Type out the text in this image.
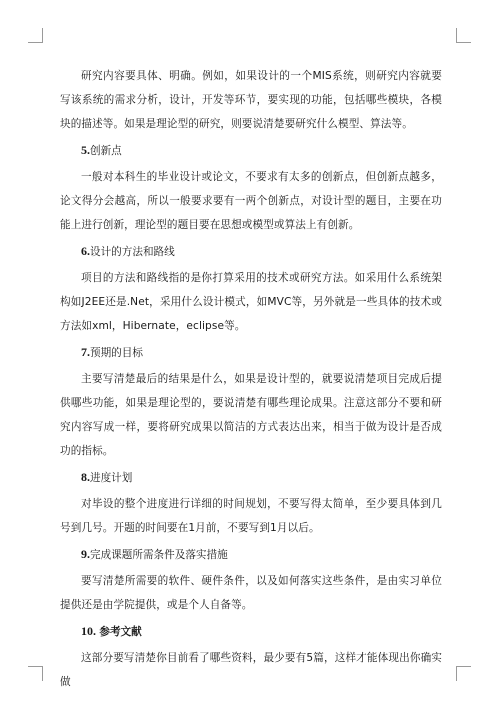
研究内容要具体、明确。例如，如果设计的一个MIS系统，则研究内容就要写该系统的需求分析，设计，开发等环节，要实现的功能，包括哪些模块，各模块的描述等。如果是理论型的研究，则要说清楚要研究什么模型、算法等。

5.创新点

一般对本科生的毕业设计或论文，不要求有太多的创新点，但创新点越多，论文得分会越高，所以一般要求要有一两个创新点，对设计型的题目，主要在功能上进行创新，理论型的题目要在思想或模型或算法上有创新。

6.设计的方法和路线

项目的方法和路线指的是你打算采用的技术或研究方法。如采用什么系统架构如J2EE还是.Net，采用什么设计模式，如MVC等，另外就是一些具体的技术或方法如xml，Hibernate，eclipse等。

7.预期的目标

主要写清楚最后的结果是什么，如果是设计型的，就要说清楚项目完成后提供哪些功能，如果是理论型的，要说清楚有哪些理论成果。注意这部分不要和研究内容写成一样，要将研究成果以简洁的方式表达出来，相当于做为设计是否成功的指标。

8.进度计划

对毕设的整个进度进行详细的时间规划，不要写得太简单，至少要具体到几号到几号。开题的时间要在1月前，不要写到1月以后。

9.完成课题所需条件及落实措施

要写清楚所需要的软件、硬件条件，以及如何落实这些条件，是由实习单位提供还是由学院提供，或是个人自备等。

10. 参考文献

这部分要写清楚你目前看了哪些资料，最少要有5篇，这样才能体现出你确实做
